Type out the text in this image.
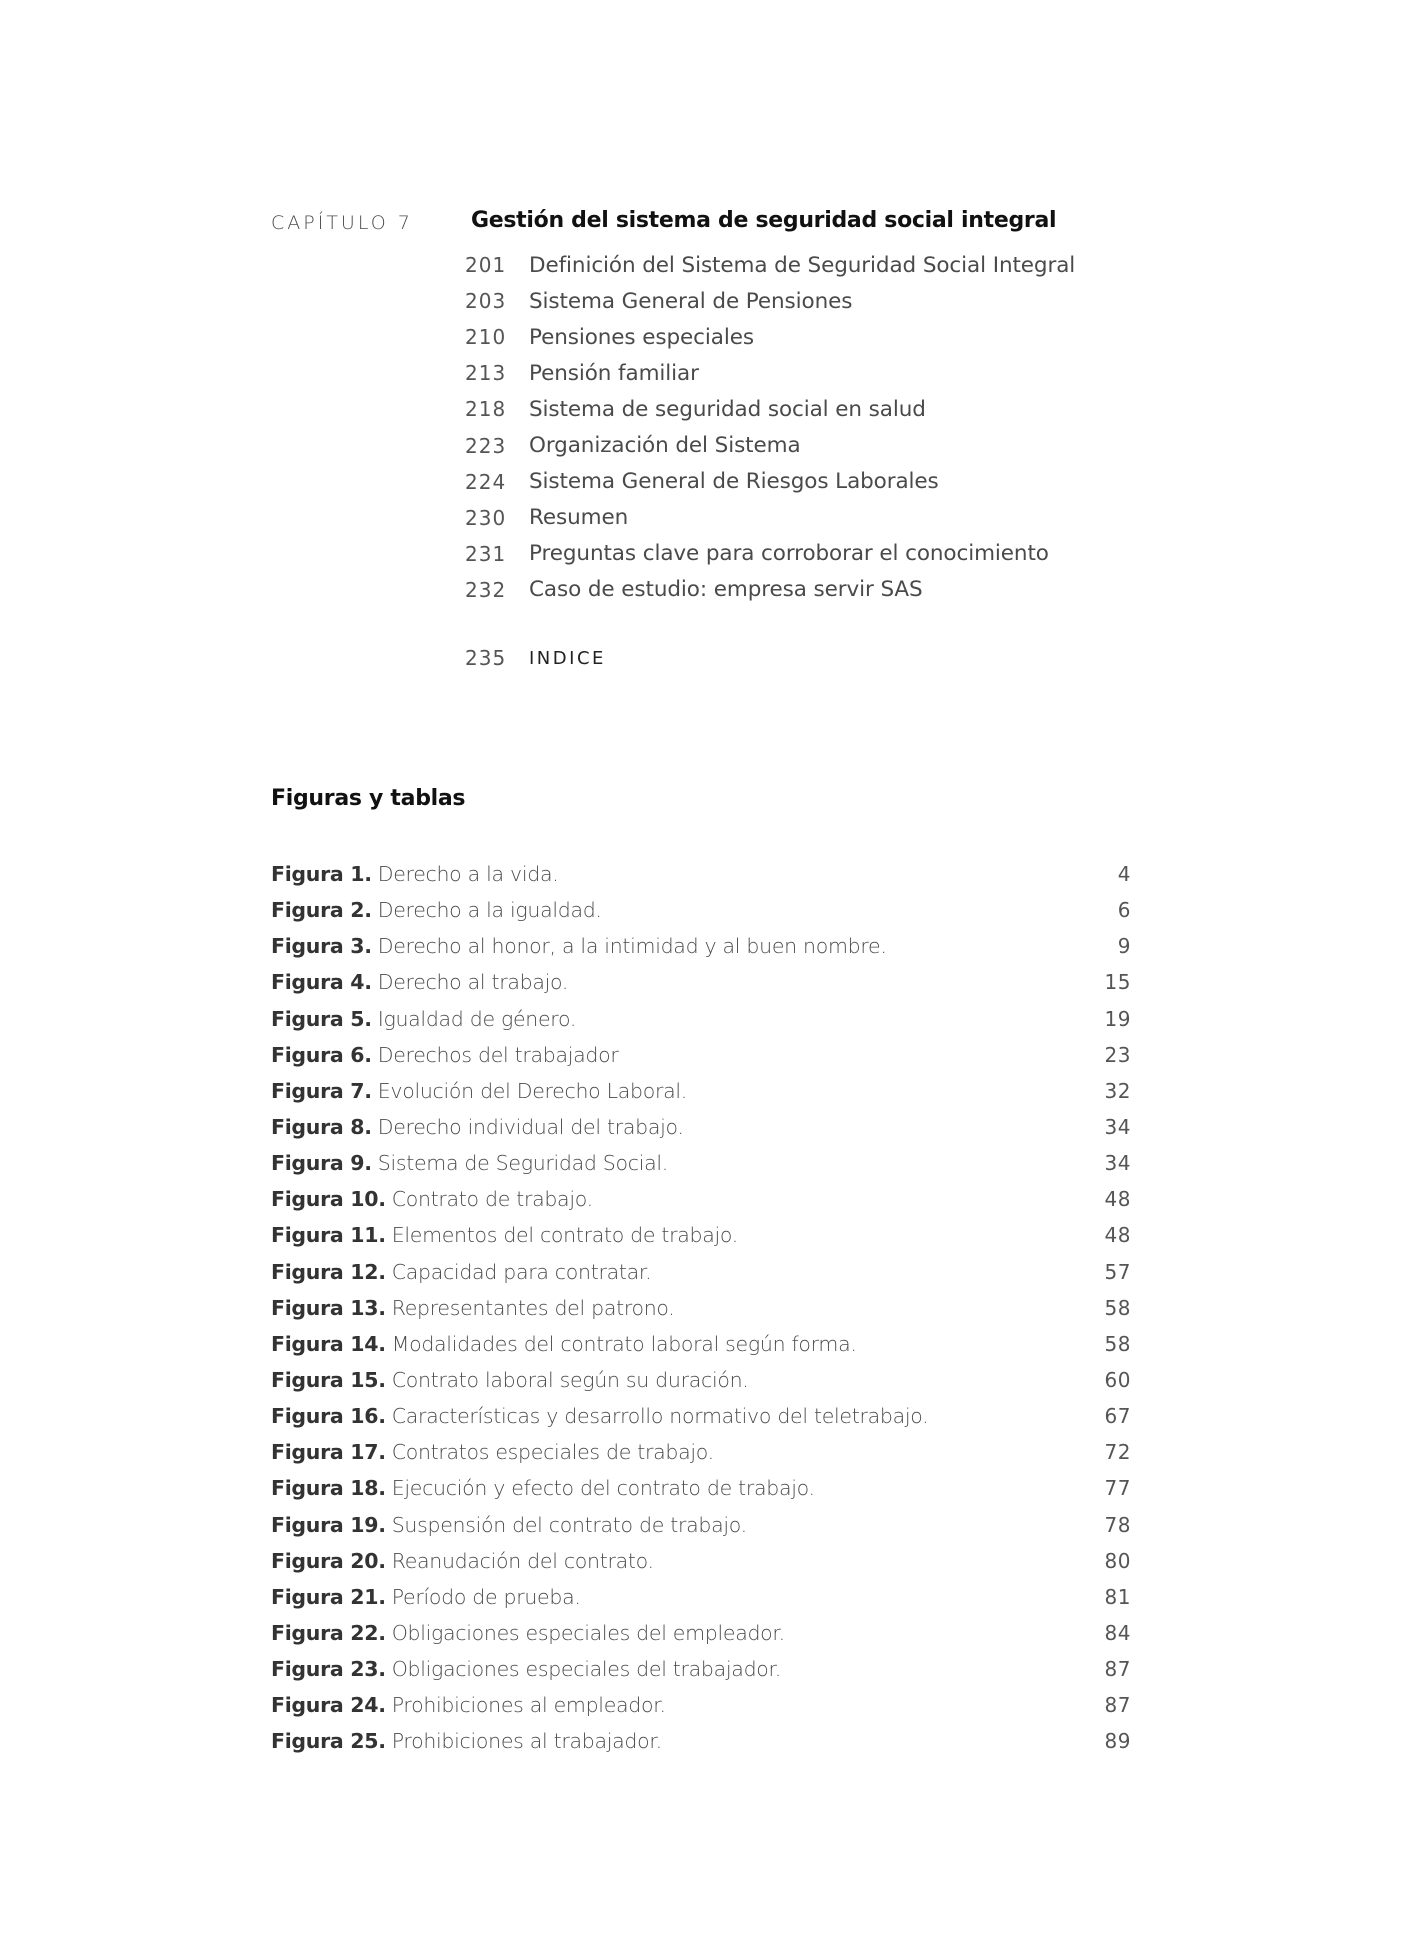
CAPÍTULO 7	Gestión del sistema de seguridad social integral
201	Definición del Sistema de Seguridad Social Integral
203	Sistema General de Pensiones
210	Pensiones especiales
213	Pensión familiar
218	Sistema de seguridad social en salud
223	Organización del Sistema
224	Sistema General de Riesgos Laborales
230	Resumen
231	Preguntas clave para corroborar el conocimiento
232	Caso de estudio: empresa servir SAS
235	INDICE
Figuras y tablas
Figura 1. Derecho a la vida.	4
Figura 2. Derecho a la igualdad.	6
Figura 3. Derecho al honor, a la intimidad y al buen nombre.	9
Figura 4. Derecho al trabajo.	15
Figura 5. Igualdad de género.	19
Figura 6. Derechos del trabajador	23
Figura 7. Evolución del Derecho Laboral.	32
Figura 8. Derecho individual del trabajo.	34
Figura 9. Sistema de Seguridad Social.	34
Figura 10. Contrato de trabajo.	48
Figura 11. Elementos del contrato de trabajo.	48
Figura 12. Capacidad para contratar.	57
Figura 13. Representantes del patrono.	58
Figura 14. Modalidades del contrato laboral según forma.	58
Figura 15. Contrato laboral según su duración.	60
Figura 16. Características y desarrollo normativo del teletrabajo.	67
Figura 17. Contratos especiales de trabajo.	72
Figura 18. Ejecución y efecto del contrato de trabajo.	77
Figura 19. Suspensión del contrato de trabajo.	78
Figura 20. Reanudación del contrato.	80
Figura 21. Período de prueba.	81
Figura 22. Obligaciones especiales del empleador.	84
Figura 23. Obligaciones especiales del trabajador.	87
Figura 24. Prohibiciones al empleador.	87
Figura 25. Prohibiciones al trabajador.	89
